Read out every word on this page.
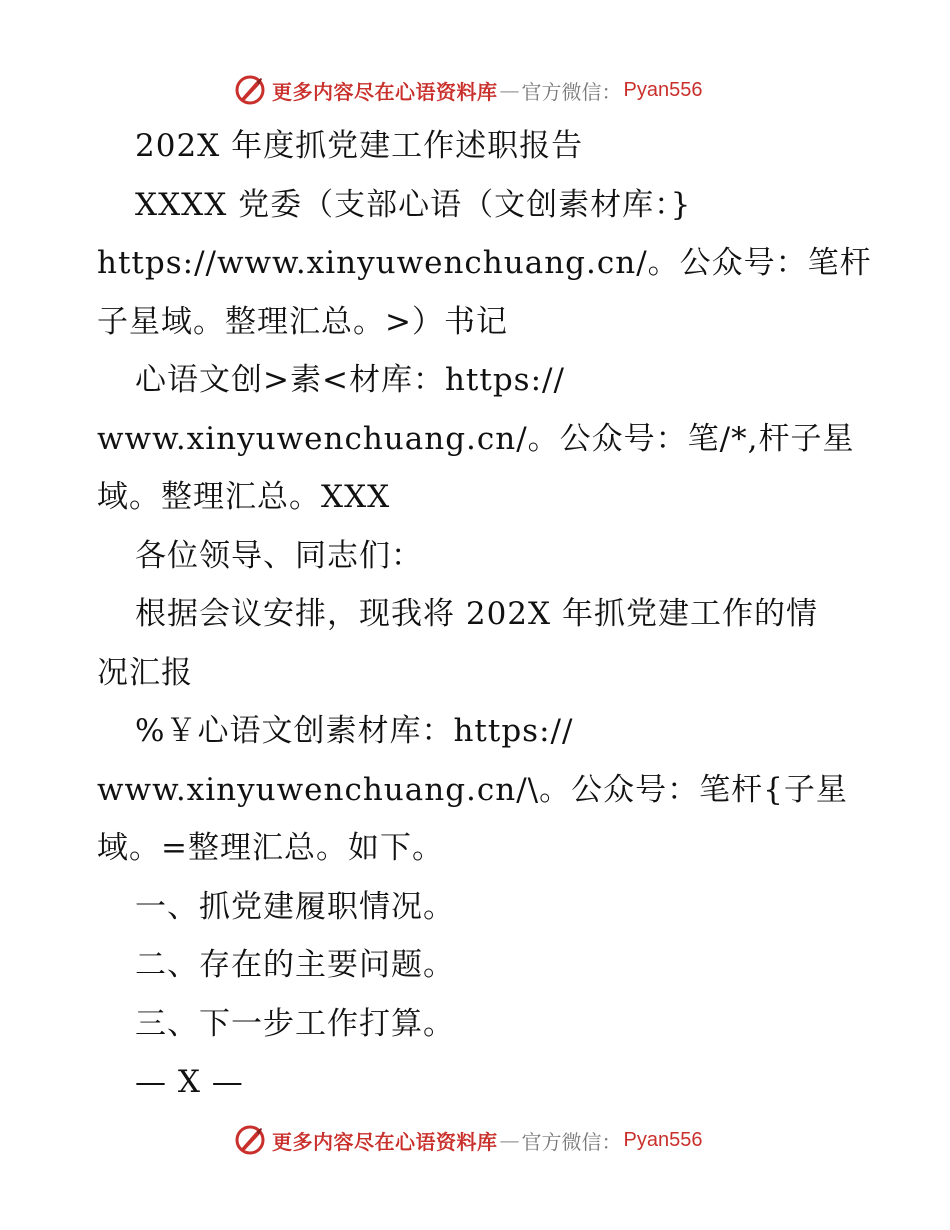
更多内容尽在心语资料库 — 官方微信： Pyan556
202X 年度抓党建工作述职报告
XXXX 党委（支部心语（文创素材库：}
https://www.xinyuwenchuang.cn/。公众号：笔杆
子星域。整理汇总。>）书记
心语文创>素<材库：https://
www.xinyuwenchuang.cn/。公众号：笔/*,杆子星
域。整理汇总。XXX
各位领导、同志们：
根据会议安排，现我将 202X 年抓党建工作的情
况汇报
%￥心语文创素材库：https://
www.xinyuwenchuang.cn/\。公众号：笔杆{子星
域。=整理汇总。如下。
一、抓党建履职情况。
二、存在的主要问题。
三、下一步工作打算。
— X —
更多内容尽在心语资料库 — 官方微信： Pyan556
